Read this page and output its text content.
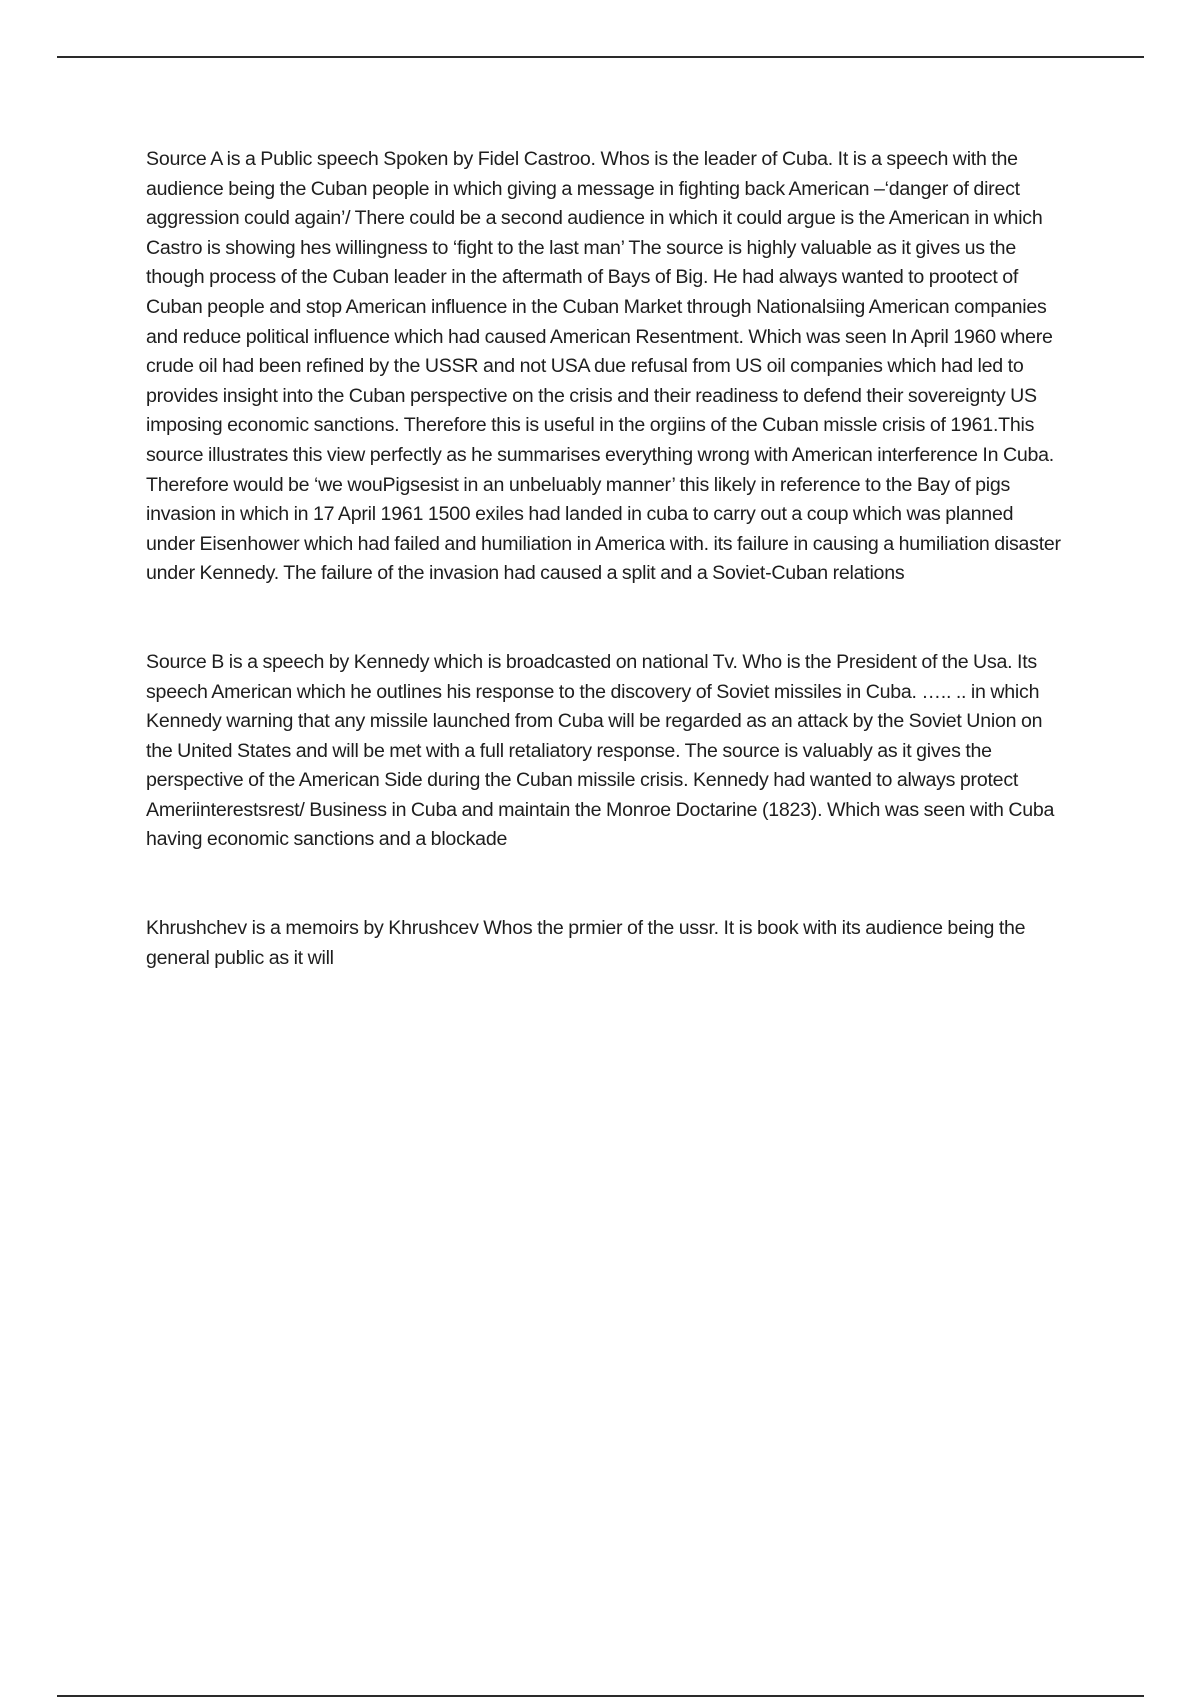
Source A is a Public speech Spoken by Fidel Castroo. Whos is the leader of Cuba. It is a speech with the audience being the Cuban people in which giving a message in fighting back American –‘danger of direct aggression could again’/ There could be a second audience in which it could argue is the American in which Castro is showing hes willingness to ‘fight to the last man’ The source is highly valuable as it gives us the though process of the Cuban leader in the aftermath of Bays of Big. He had always wanted to prootect of Cuban people and stop American influence in the Cuban Market through Nationalsiing American companies and reduce political influence which had caused American Resentment. Which was seen In April 1960 where crude oil had been refined by the USSR and not USA due refusal from US oil companies which had led to provides insight into the Cuban perspective on the crisis and their readiness to defend their sovereignty US imposing economic sanctions. Therefore this is useful in the orgiins of the Cuban missle crisis of 1961.This source illustrates this view perfectly as he summarises everything wrong with American interference In Cuba. Therefore would be ‘we wouPigsesist in an unbeluably manner’ this likely in reference to the Bay of pigs invasion in which in 17 April 1961 1500 exiles had landed in cuba to carry out a coup which was planned under Eisenhower which had failed and humiliation in America with. its failure in causing a humiliation disaster under Kennedy. The failure of the invasion had caused a split and a Soviet-Cuban relations

Source B is a speech by Kennedy which is broadcasted on national Tv. Who is the President of the Usa. Its speech American which he outlines his response to the discovery of Soviet missiles in Cuba. ….. .. in which Kennedy warning that any missile launched from Cuba will be regarded as an attack by the Soviet Union on the United States and will be met with a full retaliatory response. The source is valuably as it gives the perspective of the American Side during the Cuban missile crisis. Kennedy had wanted to always protect Ameriinterestsrest/ Business in Cuba and maintain the Monroe Doctarine (1823). Which was seen with Cuba having economic sanctions and a blockade

Khrushchev is a memoirs by Khrushcev Whos the prmier of the ussr. It is book with its audience being the general public as it will
